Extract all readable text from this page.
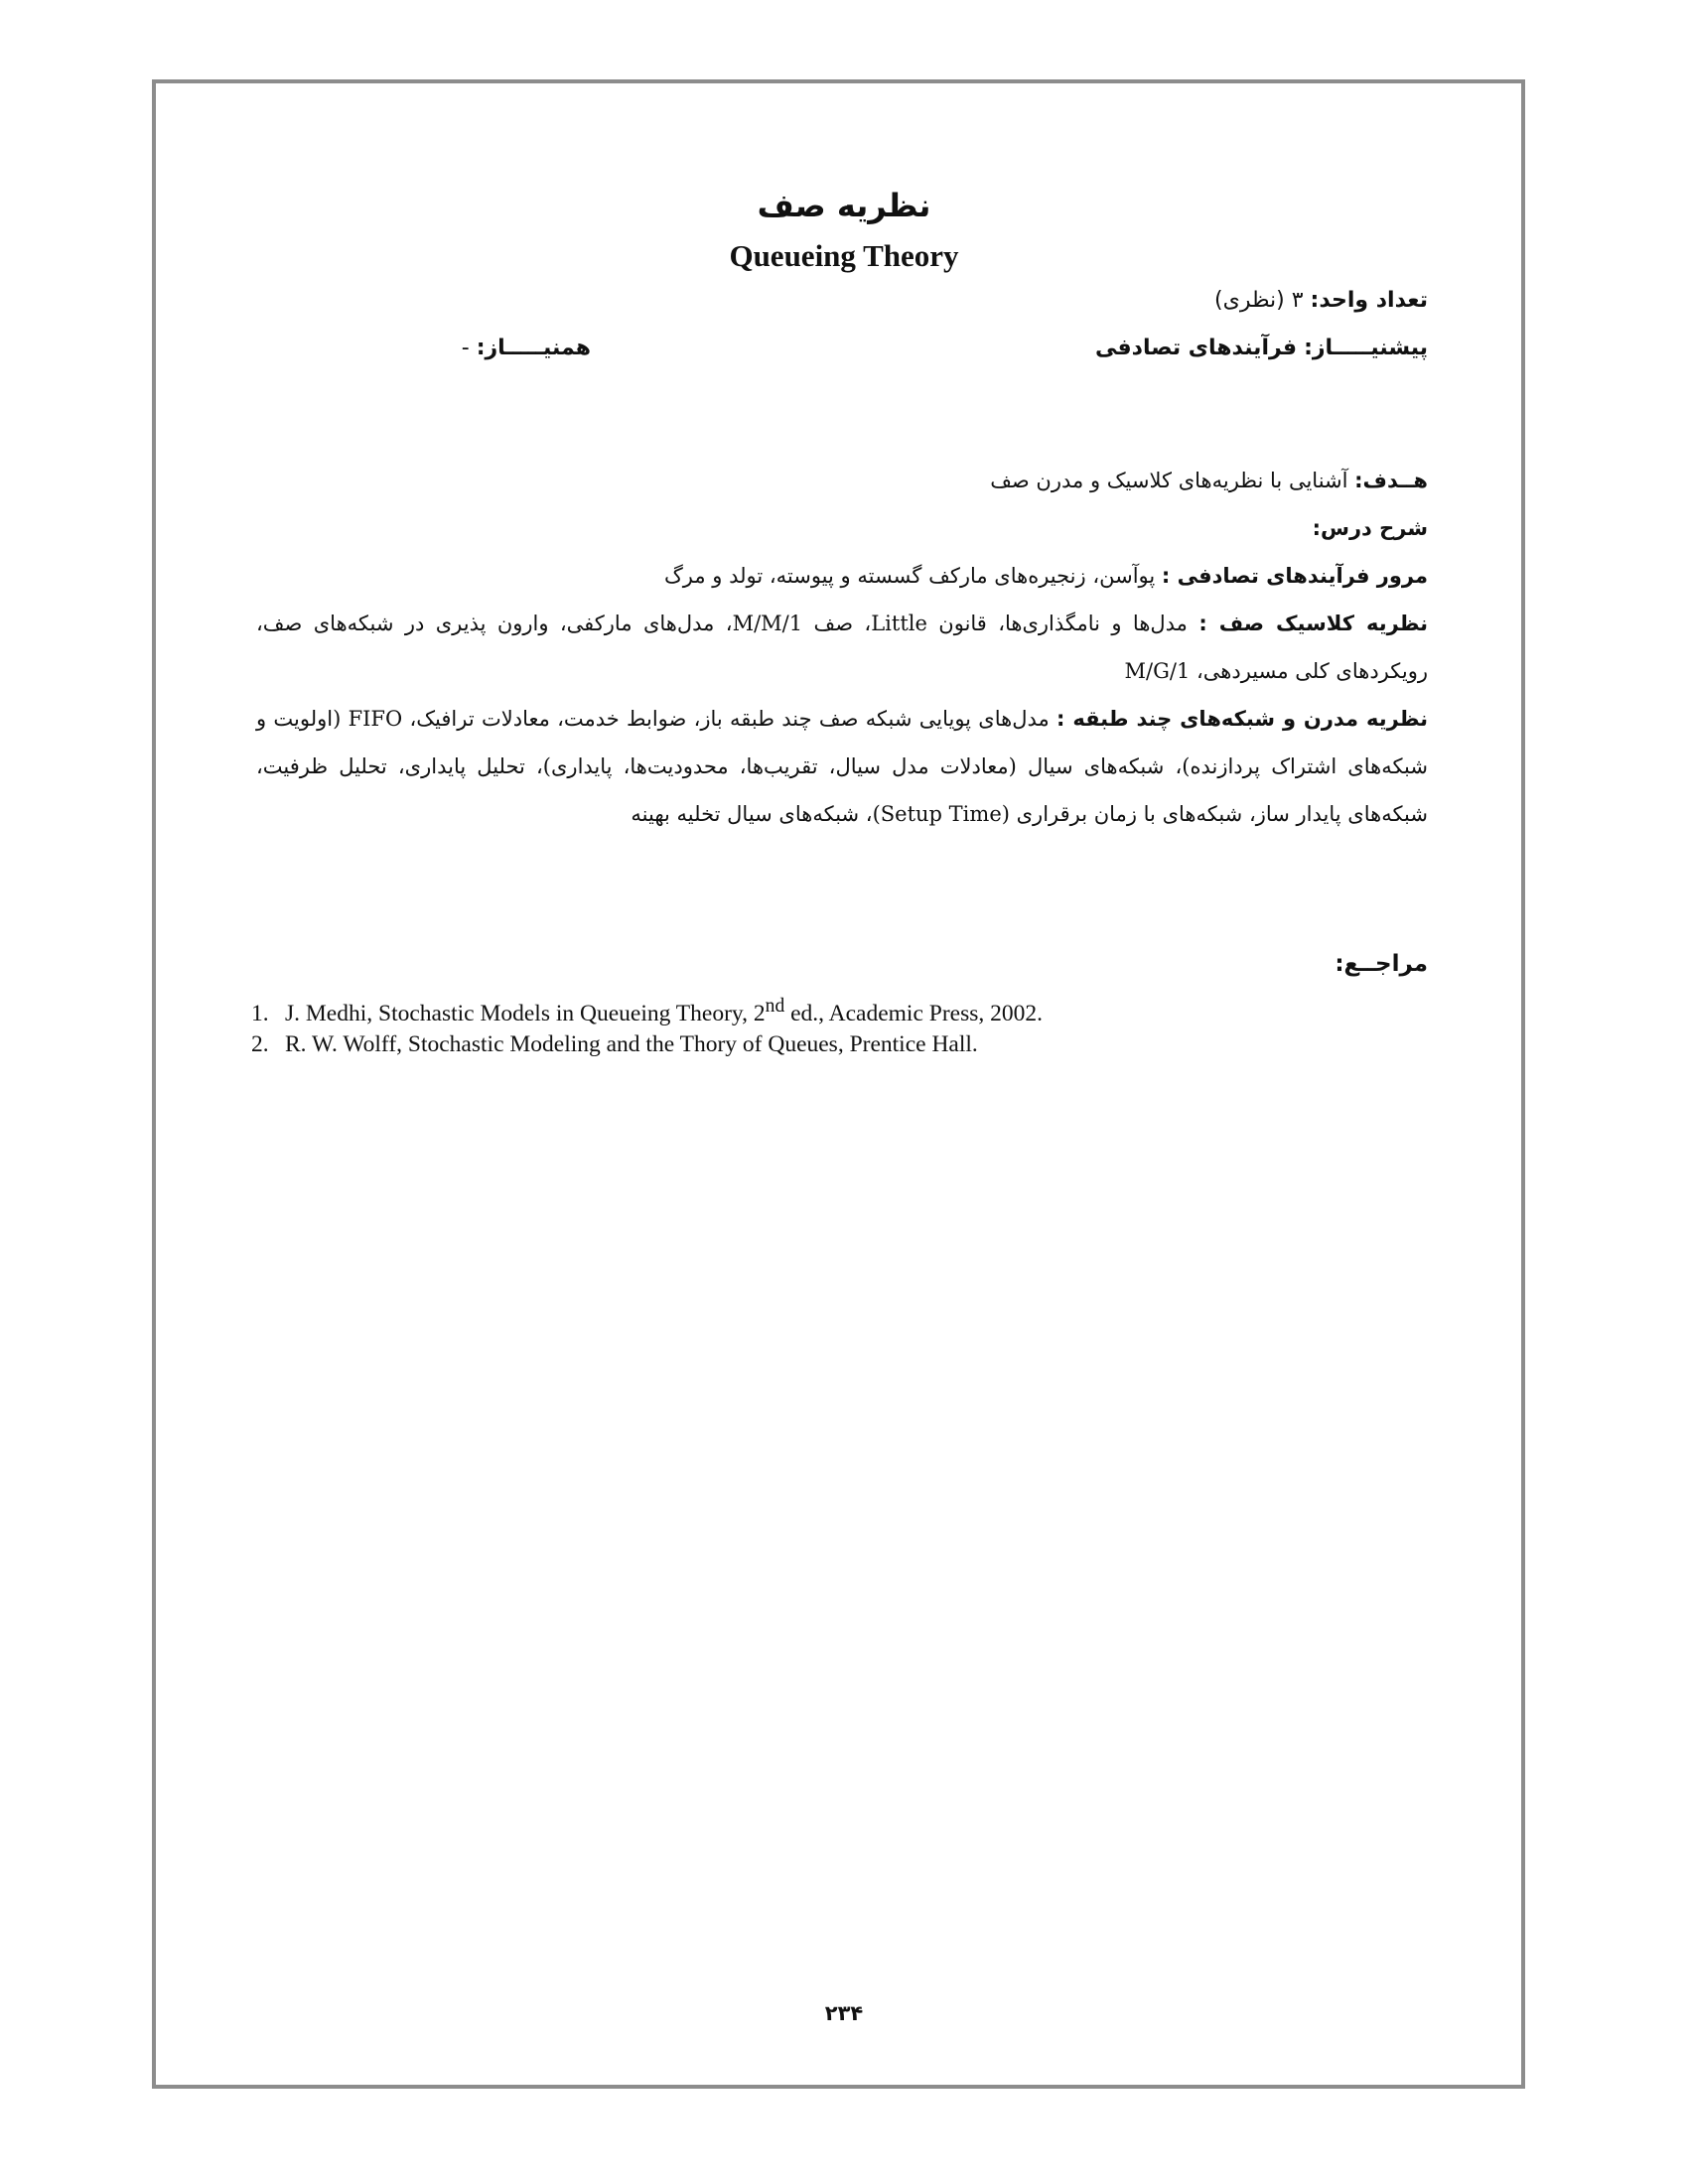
نظریه صف
Queueing Theory
تعداد واحد: ۳ (نظری)
پیشنیـــــاز: فرآیندهای تصادفی
همنیـــــاز: -

هــدف: آشنایی با نظریه‌های کلاسیک و مدرن صف

شرح درس:

مرور فرآیندهای تصادفی : پوآسن، زنجیره‌های مارکف گسسته و پیوسته، تولد و مرگ

نظریه کلاسیک صف : مدل‌ها و نامگذاری‌ها، قانون Little، صف M/M/1، مدل‌های مارکفی، وارون پذیری در شبکه‌های صف، رویکردهای کلی مسیردهی، M/G/1

نظریه مدرن و شبکه‌های چند طبقه : مدل‌های پویایی شبکه صف چند طبقه باز، ضوابط خدمت، معادلات ترافیک، FIFO (اولویت و شبکه‌های اشتراک پردازنده)، شبکه‌های سیال (معادلات مدل سیال، تقریب‌ها، محدودیت‌ها، پایداری)، تحلیل پایداری، تحلیل ظرفیت، شبکه‌های پایدار ساز، شبکه‌های با زمان برقراری (Setup Time)، شبکه‌های سیال تخلیه بهینه

مراجــع:
1. J. Medhi, Stochastic Models in Queueing Theory, 2nd ed., Academic Press, 2002.
2. R. W. Wolff, Stochastic Modeling and the Thory of Queues, Prentice Hall.
۲۳۴
